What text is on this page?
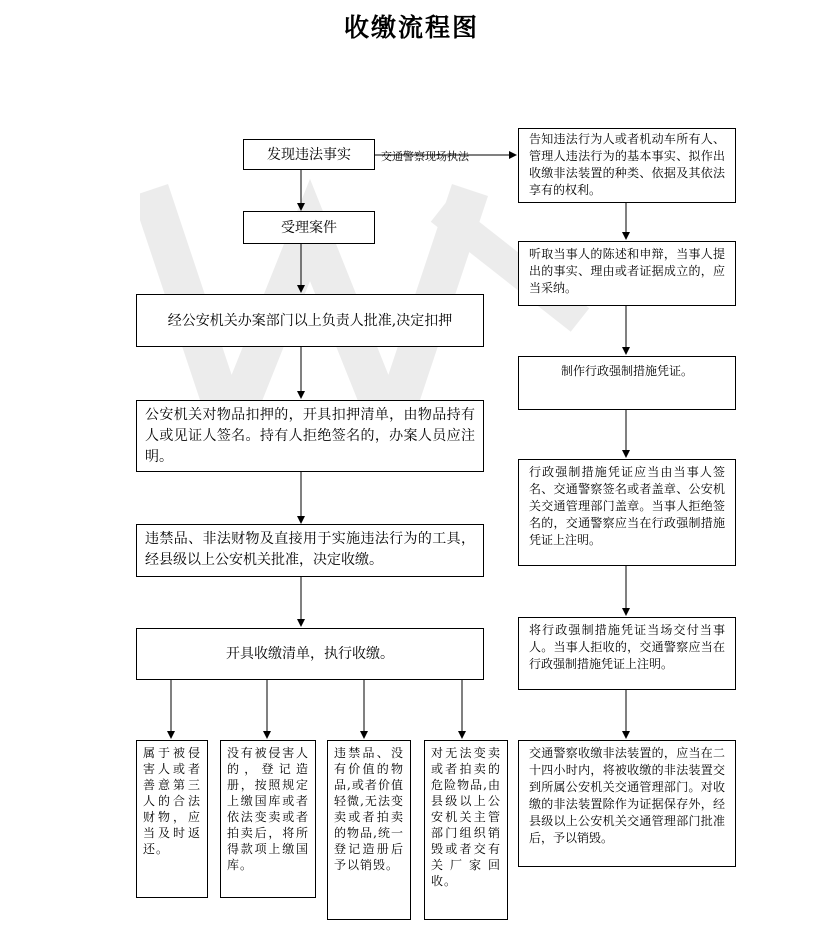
收缴流程图
交通警察现场执法
发现违法事实
受理案件
经公安机关办案部门以上负责人批准,决定扣押
公安机关对物品扣押的，开具扣押清单，由物品持有人或见证人签名。持有人拒绝签名的，办案人员应注明。
违禁品、非法财物及直接用于实施违法行为的工具，经县级以上公安机关批准，决定收缴。
开具收缴清单，执行收缴。
属于被侵害人或者善意第三人的合法财物，应当及时返还。
没有被侵害人的，登记造册，按照规定上缴国库或者依法变卖或者拍卖后，将所得款项上缴国库。
违禁品、没有价值的物品,或者价值轻微,无法变卖或者拍卖的物品,统一登记造册后予以销毁。
对无法变卖或者拍卖的危险物品,由县级以上公安机关主管部门组织销毁或者交有关厂家回收。
告知违法行为人或者机动车所有人、管理人违法行为的基本事实、拟作出收缴非法装置的种类、依据及其依法享有的权利。
听取当事人的陈述和申辩，当事人提出的事实、理由或者证据成立的，应当采纳。
制作行政强制措施凭证。
行政强制措施凭证应当由当事人签名、交通警察签名或者盖章、公安机关交通管理部门盖章。当事人拒绝签名的，交通警察应当在行政强制措施凭证上注明。
将行政强制措施凭证当场交付当事人。当事人拒收的，交通警察应当在行政强制措施凭证上注明。
交通警察收缴非法装置的，应当在二十四小时内，将被收缴的非法装置交到所属公安机关交通管理部门。对收缴的非法装置除作为证据保存外，经县级以上公安机关交通管理部门批准后，予以销毁。
